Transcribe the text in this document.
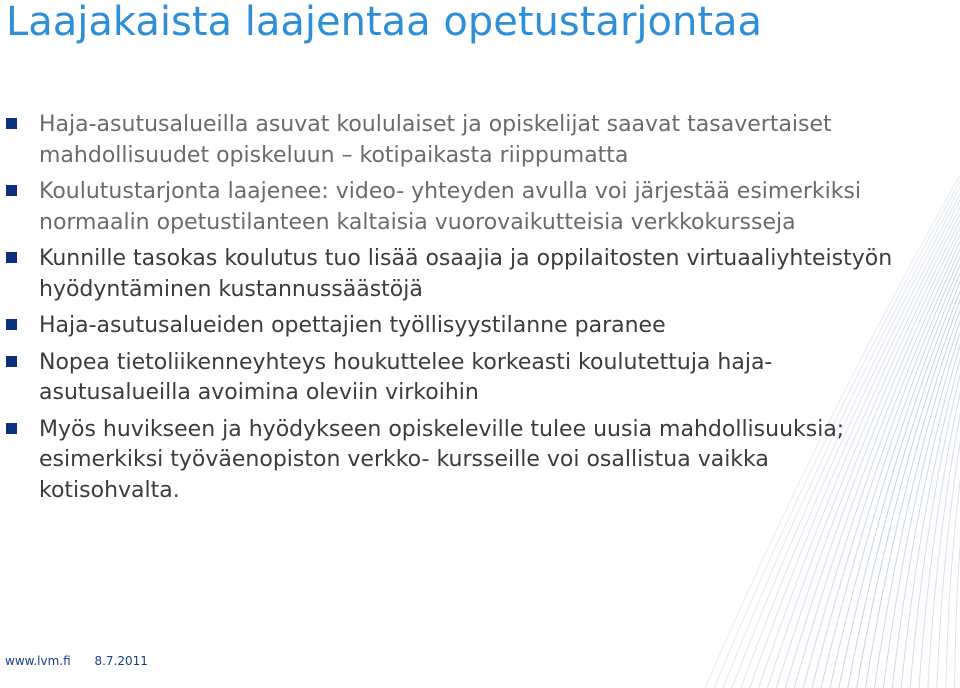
Laajakaista laajentaa opetustarjontaa
Haja-asutusalueilla asuvat koululaiset ja opiskelijat saavat tasavertaiset mahdollisuudet opiskeluun – kotipaikasta riippumatta
Koulutustarjonta laajenee: video- yhteyden avulla voi järjestää esimerkiksi normaalin opetustilanteen kaltaisia vuorovaikutteisia verkkokursseja
Kunnille tasokas koulutus tuo lisää osaajia ja oppilaitosten virtuaaliyhteistyön hyödyntäminen kustannussäästöjä
Haja-asutusalueiden opettajien työllisyystilanne paranee
Nopea tietoliikenneyhteys houkuttelee korkeasti koulutettuja haja-asutusalueilla avoimina oleviin virkoihin
Myös huvikseen ja hyödykseen opiskeleville tulee uusia mahdollisuuksia; esimerkiksi työväenopiston verkko- kursseille voi osallistua vaikka kotisohvalta.
www.lvm.fi 8.7.2011
